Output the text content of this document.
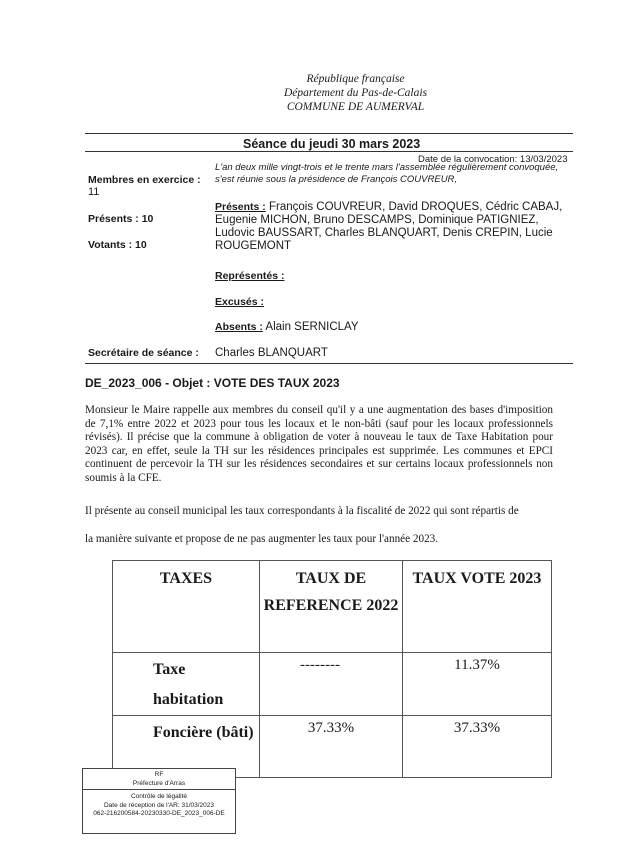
République française
Département du Pas-de-Calais
COMMUNE DE AUMERVAL
Séance du jeudi 30 mars 2023
Date de la convocation: 13/03/2023
L'an deux mille vingt-trois et le trente mars l'assemblée régulièrement convoquée, s'est réunie sous la présidence de François COUVREUR,
Membres en exercice :
11
Présents : 10
Votants : 10
Présents : François COUVREUR, David DROQUES, Cédric CABAJ, Eugenie MICHON, Bruno DESCAMPS, Dominique PATIGNIEZ, Ludovic BAUSSART, Charles BLANQUART, Denis CREPIN, Lucie ROUGEMONT
Représentés :
Excusés :
Absents : Alain SERNICLAY
Secrétaire de séance : Charles BLANQUART
DE_2023_006 - Objet : VOTE DES TAUX 2023
Monsieur le Maire rappelle aux membres du conseil qu'il y a une augmentation des bases d'imposition de 7,1% entre 2022 et 2023 pour tous les locaux et le non-bâti (sauf pour les locaux professionnels révisés). Il précise que la commune à obligation de voter à nouveau le taux de Taxe Habitation pour 2023 car, en effet, seule la TH sur les résidences principales est supprimée. Les communes et EPCI continuent de percevoir la TH sur les résidences secondaires et sur certains locaux professionnels non soumis à la CFE.
Il présente au conseil municipal les taux correspondants à la fiscalité de 2022 qui sont répartis de
la manière suivante et propose de ne pas augmenter les taux pour l'année 2023.
TAXES	TAUX DE REFERENCE 2022	TAUX VOTE 2023
Taxe habitation	--------	11.37%
Foncière (bâti)	37.33%	37.33%
RF
Préfecture d'Arras
Contrôle de légalité
Date de réception de l'AR: 31/03/2023
062-216200584-20230330-DE_2023_006-DE
